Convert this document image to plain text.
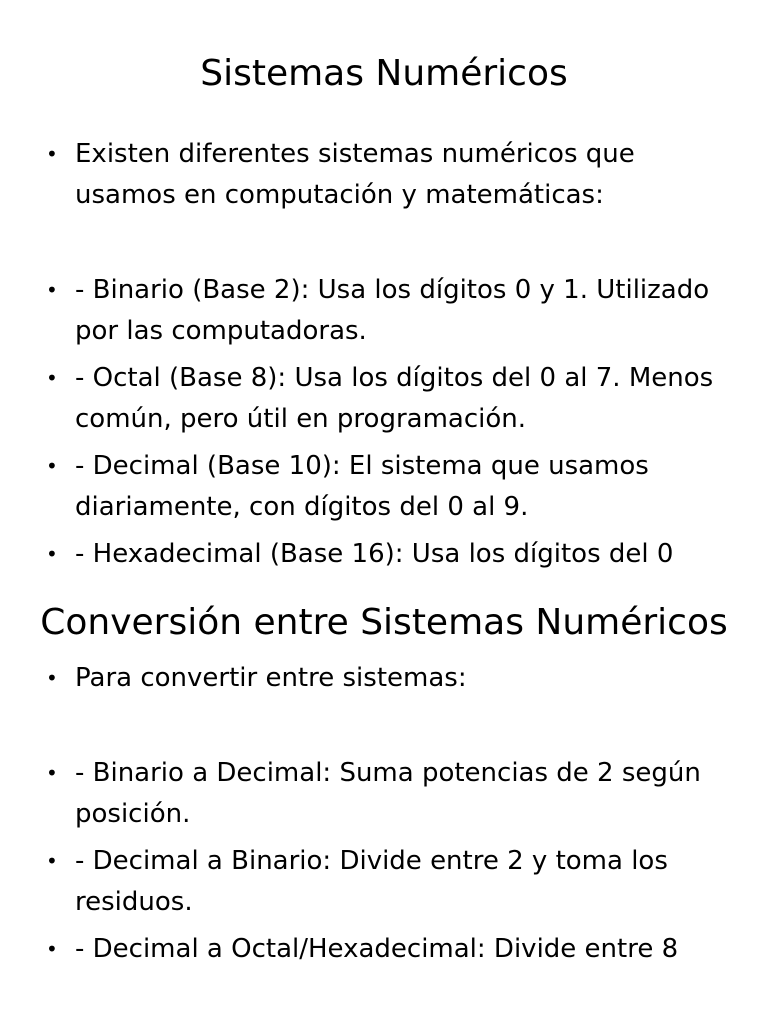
Sistemas Numéricos
• Existen diferentes sistemas numéricos que usamos en computación y matemáticas:
• - Binario (Base 2): Usa los dígitos 0 y 1. Utilizado por las computadoras.
• - Octal (Base 8): Usa los dígitos del 0 al 7. Menos común, pero útil en programación.
• - Decimal (Base 10): El sistema que usamos diariamente, con dígitos del 0 al 9.
• - Hexadecimal (Base 16): Usa los dígitos del 0
Conversión entre Sistemas Numéricos
• Para convertir entre sistemas:
• - Binario a Decimal: Suma potencias de 2 según posición.
• - Decimal a Binario: Divide entre 2 y toma los residuos.
• - Decimal a Octal/Hexadecimal: Divide entre 8
